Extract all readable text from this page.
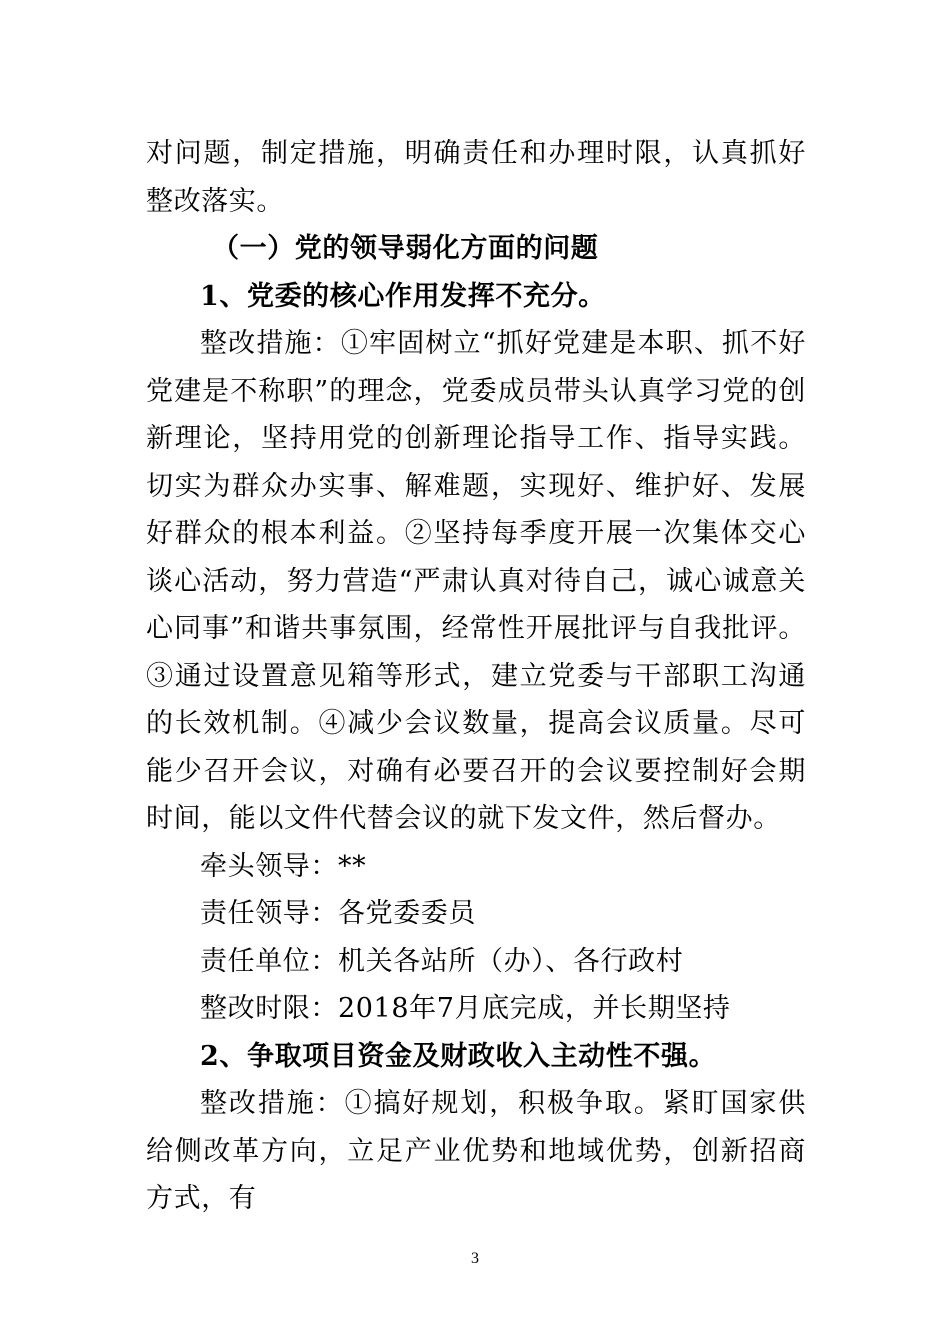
对问题，制定措施，明确责任和办理时限，认真抓好整改落实。

（一）党的领导弱化方面的问题

1、党委的核心作用发挥不充分。

整改措施：①牢固树立“抓好党建是本职、抓不好党建是不称职”的理念，党委成员带头认真学习党的创新理论，坚持用党的创新理论指导工作、指导实践。切实为群众办实事、解难题，实现好、维护好、发展好群众的根本利益。②坚持每季度开展一次集体交心谈心活动，努力营造“严肃认真对待自己，诚心诚意关心同事”和谐共事氛围，经常性开展批评与自我批评。③通过设置意见箱等形式，建立党委与干部职工沟通的长效机制。④减少会议数量，提高会议质量。尽可能少召开会议，对确有必要召开的会议要控制好会期时间，能以文件代替会议的就下发文件，然后督办。

牵头领导：**

责任领导：各党委委员

责任单位：机关各站所（办）、各行政村

整改时限：2018年7月底完成，并长期坚持

2、争取项目资金及财政收入主动性不强。

整改措施：①搞好规划，积极争取。紧盯国家供给侧改革方向，立足产业优势和地域优势，创新招商方式，有

3
